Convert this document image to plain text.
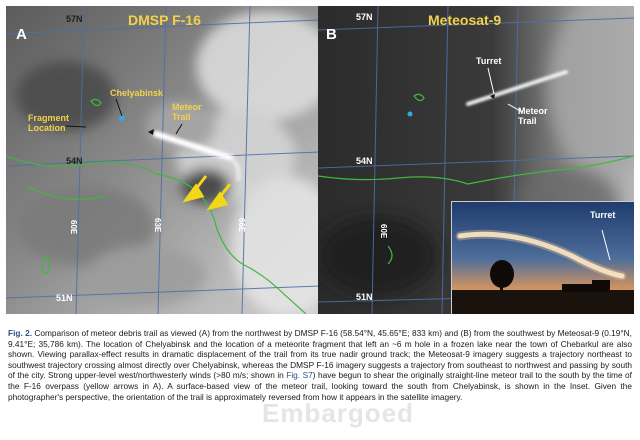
A
DMSP F-16
57N
54N
51N
60E	63E	66E
Chelyabinsk
Fragment Location
Meteor Trail
B
Meteosat-9
57N
54N
51N
60E
Turret
Meteor Trail
Turret
Fig. 2. Comparison of meteor debris trail as viewed (A) from the northwest by DMSP F-16 (58.54°N, 45.65°E; 833 km) and (B) from the southwest by Meteosat-9 (0.19°N, 9.41°E; 35,786 km). The location of Chelyabinsk and the location of a meteorite fragment that left an ~6 m hole in a frozen lake near the town of Chebarkul are also shown. Viewing parallax-effect results in dramatic displacement of the trail from its true nadir ground track; the Meteosat-9 imagery suggests a trajectory northeast to southwest trajectory crossing almost directly over Chelyabinsk, whereas the DMSP F-16 imagery suggests a trajectory from southeast to northwest and passing by south of the city. Strong upper-level west/northwesterly winds (>80 m/s; shown in Fig. S7) have begun to shear the originally straight-line meteor trail to the south by the time of the F-16 overpass (yellow arrows in A). A surface-based view of the meteor trail, looking toward the south from Chelyabinsk, is shown in the Inset. Given the photographer's perspective, the orientation of the trail is approximately reversed from how it appears in the satellite imagery.
Embargoed
